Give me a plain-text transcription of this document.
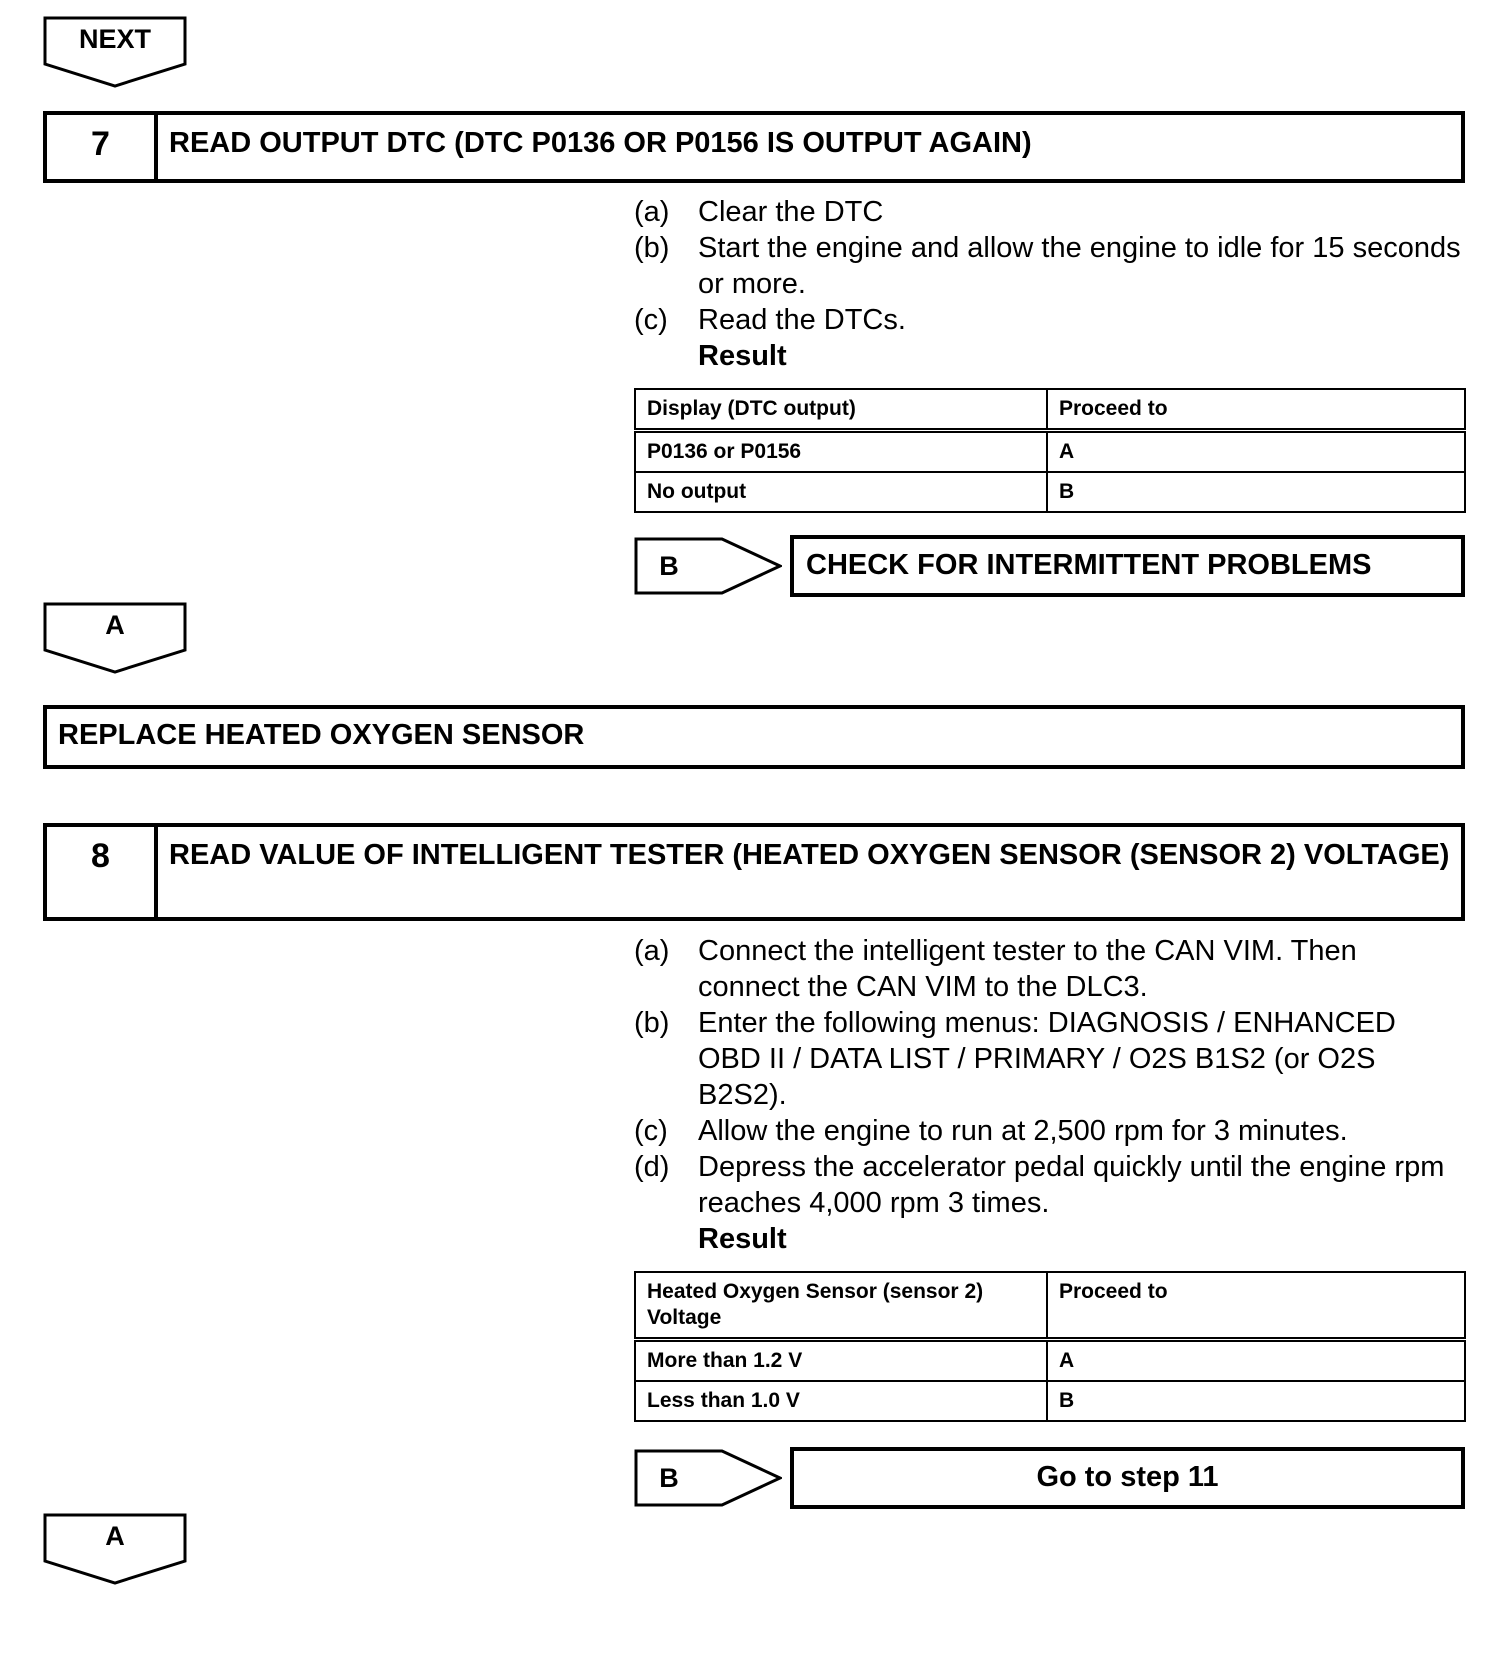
NEXT
7	READ OUTPUT DTC (DTC P0136 OR P0156 IS OUTPUT AGAIN)
(a) Clear the DTC
(b) Start the engine and allow the engine to idle for 15 seconds or more.
(c)	Read the DTCs.
Result
Display (DTC output)	Proceed to
P0136 or P0156	A
No output	B
B	CHECK FOR INTERMITTENT PROBLEMS
A
REPLACE HEATED OXYGEN SENSOR
8	READ VALUE OF INTELLIGENT TESTER (HEATED OXYGEN SENSOR (SENSOR 2) VOLTAGE)
(a) Connect the intelligent tester to the CAN VIM. Then connect the CAN VIM to the DLC3.
(b) Enter the following menus: DIAGNOSIS / ENHANCED OBD II / DATA LIST / PRIMARY / O2S B1S2 (or O2S B2S2).
(c)	Allow the engine to run at 2,500 rpm for 3 minutes.
(d) Depress the accelerator pedal quickly until the engine rpm reaches 4,000 rpm 3 times.
Result
Heated Oxygen Sensor (sensor 2) Voltage	Proceed to
More than 1.2 V	A
Less than 1.0 V	B
B	Go to step 11
A
